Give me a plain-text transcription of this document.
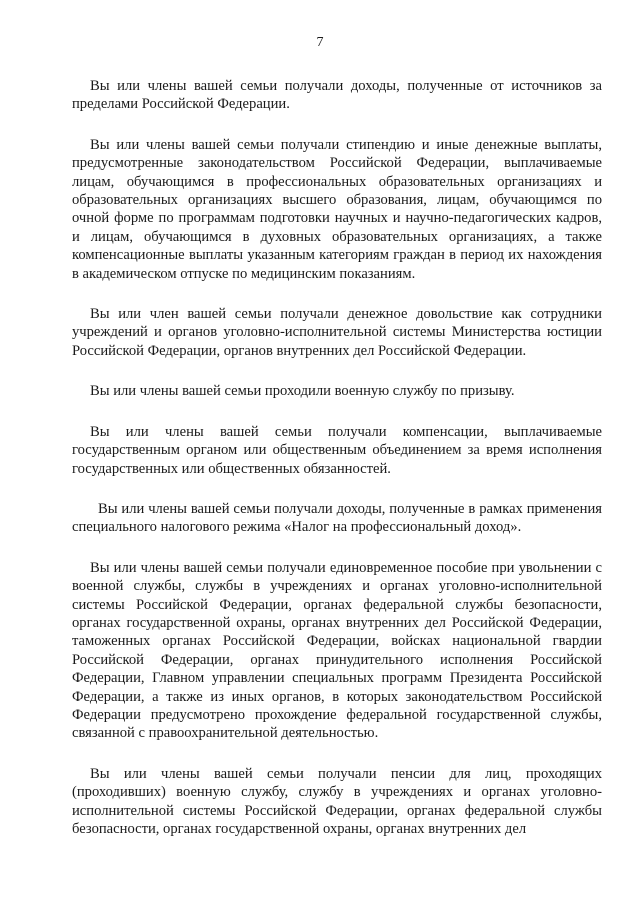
7

Вы или члены вашей семьи получали доходы, полученные от источников за пределами Российской Федерации.

Вы или члены вашей семьи получали стипендию и иные денежные выплаты, предусмотренные законодательством Российской Федерации, выплачиваемые лицам, обучающимся в профессиональных образовательных организациях и образовательных организациях высшего образования, лицам, обучающимся по очной форме по программам подготовки научных и научно-педагогических кадров, и лицам, обучающимся в духовных образовательных организациях, а также компенсационные выплаты указанным категориям граждан в период их нахождения в академическом отпуске по медицинским показаниям.

Вы или член вашей семьи получали денежное довольствие как сотрудники учреждений и органов уголовно-исполнительной системы Министерства юстиции Российской Федерации, органов внутренних дел Российской Федерации.

Вы или члены вашей семьи проходили военную службу по призыву.

Вы или члены вашей семьи получали компенсации, выплачиваемые государственным органом или общественным объединением за время исполнения государственных или общественных обязанностей.

Вы или члены вашей семьи получали доходы, полученные в рамках применения специального налогового режима «Налог на профессиональный доход».

Вы или члены вашей семьи получали единовременное пособие при увольнении с военной службы, службы в учреждениях и органах уголовно-исполнительной системы Российской Федерации, органах федеральной службы безопасности, органах государственной охраны, органах внутренних дел Российской Федерации, таможенных органах Российской Федерации, войсках национальной гвардии Российской Федерации, органах принудительного исполнения Российской Федерации, Главном управлении специальных программ Президента Российской Федерации, а также из иных органов, в которых законодательством Российской Федерации предусмотрено прохождение федеральной государственной службы, связанной с правоохранительной деятельностью.

Вы или члены вашей семьи получали пенсии для лиц, проходящих (проходивших) военную службу, службу в учреждениях и органах уголовно-исполнительной системы Российской Федерации, органах федеральной службы безопасности, органах государственной охраны, органах внутренних дел
